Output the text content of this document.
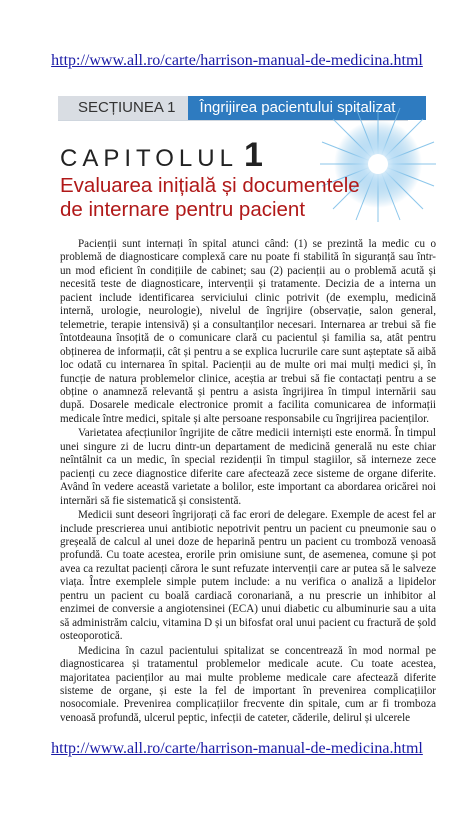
http://www.all.ro/carte/harrison-manual-de-medicina.html
SECȚIUNEA 1	Îngrijirea pacientului spitalizat
CAPITOLUL 1
Evaluarea inițială și documentele
de internare pentru pacient

Pacienții sunt internați în spital atunci când: (1) se prezintă la medic cu o problemă de diagnosticare complexă care nu poate fi stabilită în siguranță sau într-un mod eficient în condițiile de cabinet; sau (2) pacienții au o problemă acută și necesită teste de diagnosticare, intervenții și tratamente. Decizia de a interna un pacient include identificarea serviciului clinic potrivit (de exemplu, medicină internă, urologie, neurologie), nivelul de îngrijire (observație, salon general, telemetrie, terapie intensivă) și a consultanților necesari. Internarea ar trebui să fie întotdeauna însoțită de o comunicare clară cu pacientul și familia sa, atât pentru obținerea de informații, cât și pentru a se explica lucrurile care sunt așteptate să aibă loc odată cu internarea în spital. Pacienții au de multe ori mai mulți medici și, în funcție de natura problemelor clinice, aceștia ar trebui să fie contactați pentru a se obține o anamneză relevantă și pentru a asista îngrijirea în timpul internării sau după. Dosarele medicale electronice promit a facilita comunicarea de informații medicale între medici, spitale și alte persoane responsabile cu îngrijirea pacienților.

Varietatea afecțiunilor îngrijite de către medicii interniști este enormă. În timpul unei singure zi de lucru dintr-un departament de medicină generală nu este chiar neîntâlnit ca un medic, în special rezidenții în timpul stagiilor, să interneze zece pacienți cu zece diagnostice diferite care afectează zece sisteme de organe diferite. Având în vedere această varietate a bolilor, este important ca abordarea oricărei noi internări să fie sistematică și consistentă.

Medicii sunt deseori îngrijorați că fac erori de delegare. Exemple de acest fel ar include prescrierea unui antibiotic nepotrivit pentru un pacient cu pneumonie sau o greșeală de calcul al unei doze de heparină pentru un pacient cu tromboză venoasă profundă. Cu toate acestea, erorile prin omisiune sunt, de asemenea, comune și pot avea ca rezultat pacienți cărora le sunt refuzate intervenții care ar putea să le salveze viața. Între exemplele simple putem include: a nu verifica o analiză a lipidelor pentru un pacient cu boală cardiacă coronariană, a nu prescrie un inhibitor al enzimei de conversie a angiotensinei (ECA) unui diabetic cu albuminurie sau a uita să administrăm calciu, vitamina D și un bifosfat oral unui pacient cu fractură de șold osteoporotică.

Medicina în cazul pacientului spitalizat se concentrează în mod normal pe diagnosticarea și tratamentul problemelor medicale acute. Cu toate acestea, majoritatea pacienților au mai multe probleme medicale care afectează diferite sisteme de organe, și este la fel de important în prevenirea complicațiilor nosocomiale. Prevenirea complicațiilor frecvente din spitale, cum ar fi tromboza venoasă profundă, ulcerul peptic, infecții de cateter, căderile, delirul și ulcerele

http://www.all.ro/carte/harrison-manual-de-medicina.html
